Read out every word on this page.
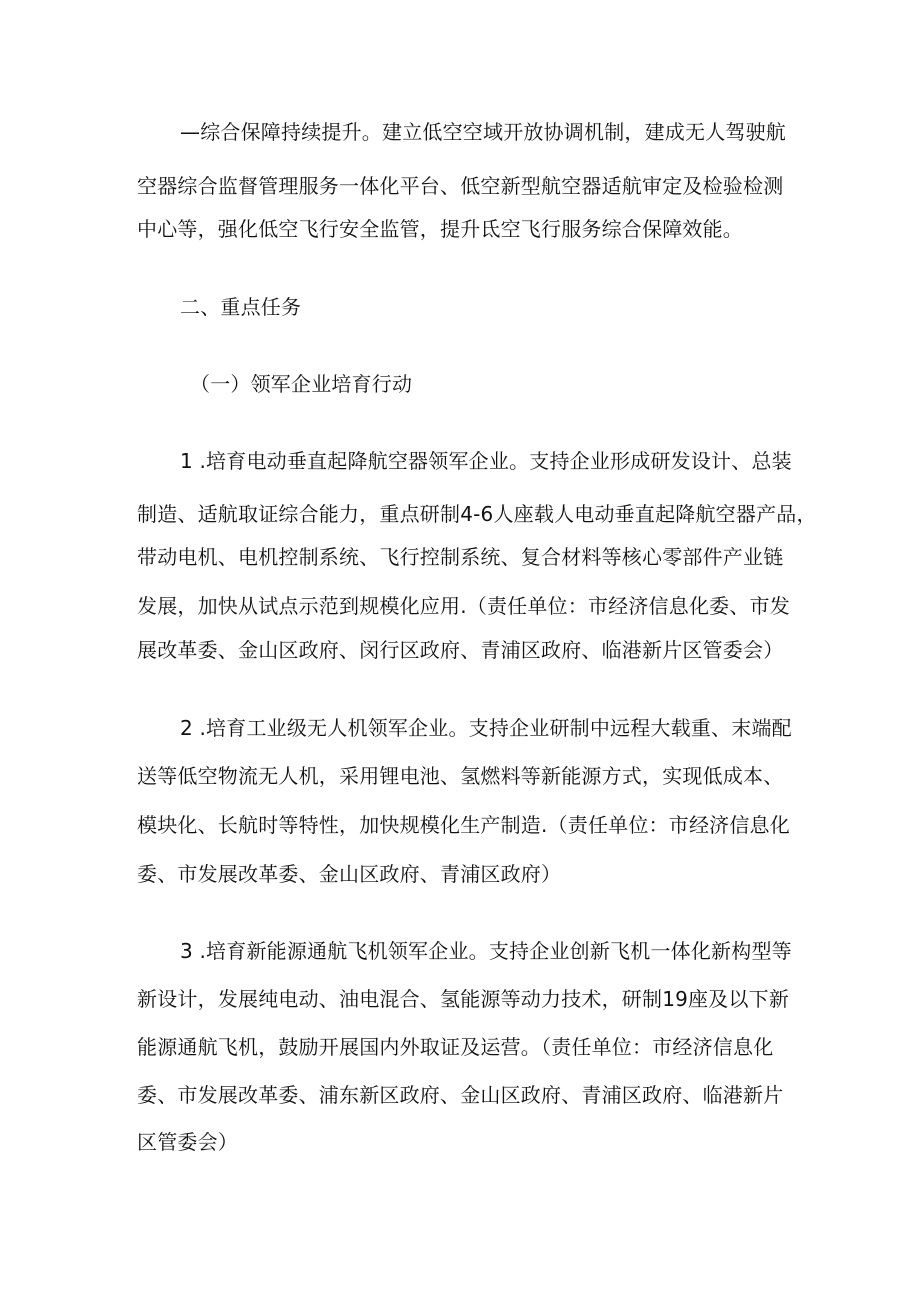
—综合保障持续提升。建立低空空域开放协调机制，建成无人驾驶航
空器综合监督管理服务一体化平台、低空新型航空器适航审定及检验检测
中心等，强化低空飞行安全监管，提升氐空飞行服务综合保障效能。
二、重点任务
（一）领军企业培育行动
1 .培育电动垂直起降航空器领军企业。支持企业形成研发设计、总装
制造、适航取证综合能力，重点研制4-6人座载人电动垂直起降航空器产品，
带动电机、电机控制系统、飞行控制系统、复合材料等核心零部件产业链
发展，加快从试点示范到规模化应用.（责任单位：市经济信息化委、市发
展改革委、金山区政府、闵行区政府、青浦区政府、临港新片区管委会）
2 .培育工业级无人机领军企业。支持企业研制中远程大载重、末端配
送等低空物流无人机，采用锂电池、氢燃料等新能源方式，实现低成本、
模块化、长航时等特性，加快规模化生产制造.（责任单位：市经济信息化
委、市发展改革委、金山区政府、青浦区政府）
3 .培育新能源通航飞机领军企业。支持企业创新飞机一体化新构型等
新设计，发展纯电动、油电混合、氢能源等动力技术，研制19座及以下新
能源通航飞机，鼓励开展国内外取证及运营。（责任单位：市经济信息化
委、市发展改革委、浦东新区政府、金山区政府、青浦区政府、临港新片
区管委会）
